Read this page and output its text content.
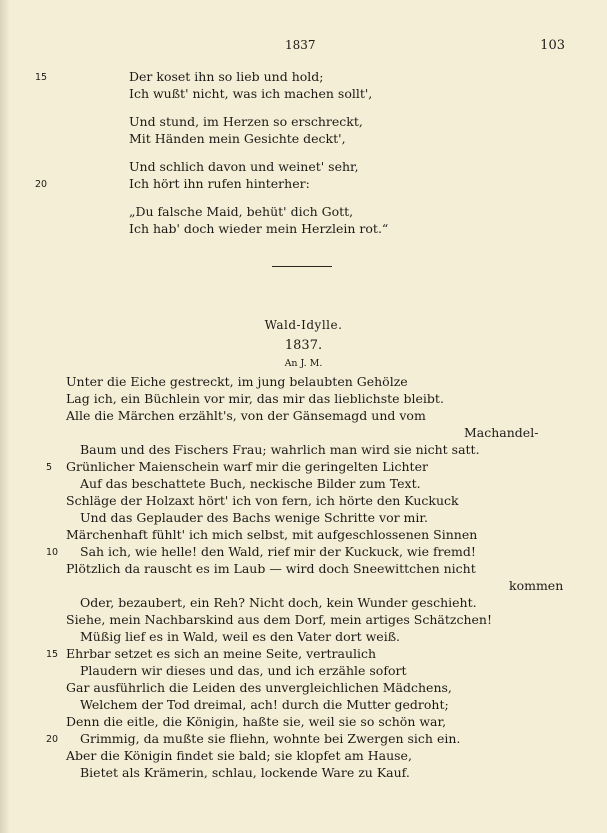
1837	103
15	Der koset ihn so lieb und hold;
Ich wußt' nicht, was ich machen sollt',
Und stund, im Herzen so erschreckt,
Mit Händen mein Gesichte deckt',
Und schlich davon und weinet' sehr,
20	Ich hört ihn rufen hinterher:
„Du falsche Maid, behüt' dich Gott,
Ich hab' doch wieder mein Herzlein rot.“
Wald-Idylle.
1837.
An J. M.
Unter die Eiche gestreckt, im jung belaubten Gehölze
Lag ich, ein Büchlein vor mir, das mir das lieblichste bleibt.
Alle die Märchen erzählt's, von der Gänsemagd und vom
Machandel-
Baum und des Fischers Frau; wahrlich man wird sie nicht satt.
5 Grünlicher Maienschein warf mir die geringelten Lichter
Auf das beschattete Buch, neckische Bilder zum Text.
Schläge der Holzaxt hört' ich von fern, ich hörte den Kuckuck
Und das Geplauder des Bachs wenige Schritte vor mir.
Märchenhaft fühlt' ich mich selbst, mit aufgeschlossenen Sinnen
10 Sah ich, wie helle! den Wald, rief mir der Kuckuck, wie fremd!
Plötzlich da rauscht es im Laub — wird doch Sneewittchen nicht
kommen
Oder, bezaubert, ein Reh? Nicht doch, kein Wunder geschieht.
Siehe, mein Nachbarskind aus dem Dorf, mein artiges Schätzchen!
Müßig lief es in Wald, weil es den Vater dort weiß.
15 Ehrbar setzet es sich an meine Seite, vertraulich
Plaudern wir dieses und das, und ich erzähle sofort
Gar ausführlich die Leiden des unvergleichlichen Mädchens,
Welchem der Tod dreimal, ach! durch die Mutter gedroht;
Denn die eitle, die Königin, haßte sie, weil sie so schön war,
20 Grimmig, da mußte sie fliehn, wohnte bei Zwergen sich ein.
Aber die Königin findet sie bald; sie klopfet am Hause,
Bietet als Krämerin, schlau, lockende Ware zu Kauf.
